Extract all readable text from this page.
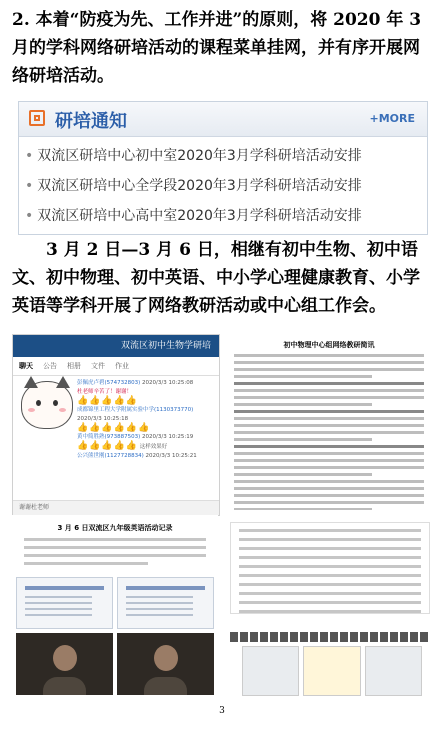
2. 本着“防疫为先、工作并进”的原则，将 2020 年 3 月的学科网络研培活动的课程菜单挂网，并有序开展网络研培活动。
研培通知	+MORE
• 双流区研培中心初中室2020年3月学科研培活动安排
• 双流区研培中心全学段2020年3月学科研培活动安排
• 双流区研培中心高中室2020年3月学科研培活动安排
3 月 2 日—3 月 6 日，相继有初中生物、初中语文、初中物理、初中英语、中小学心理健康教育、小学英语等学科开展了网络教研活动或中心组工作会。
双流区初中生物学研培
聊天 公告 相册 文件 作业
彭佩虎卢碧(574732803) 2020/3/3 10:25:08
杜老师辛苦了！谢谢！
👍👍👍👍👍
成都锦里工程大学附属实验中学(1130373770) 2020/3/3 10:25:18
👍👍👍👍👍👍
黄中简胜熟(973887503) 2020/3/3 10:25:19
👍👍👍👍👍 这样效果好
公兴熊世刚(1127728834) 2020/3/3 10:25:21
谢谢杜老师
初中物理中心组网络教研简讯
3 月 6 日双流区九年级英语活动记录
3
